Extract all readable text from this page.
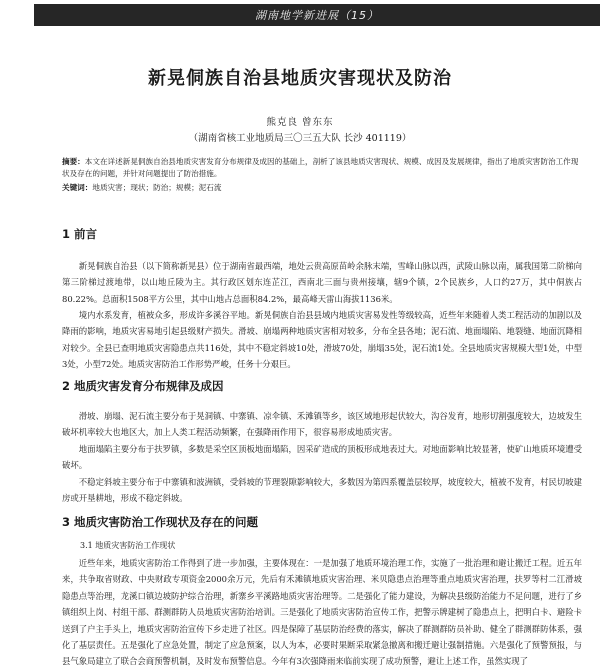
湖南地学新进展（15）
新晃侗族自治县地质灾害现状及防治
熊克良 曾东东
（湖南省核工业地质局三〇三五大队 长沙 401119）
摘要：本文在详述新晃侗族自治县地质灾害发育分布规律及成因的基础上，剖析了该县地质灾害现状、规模、成因及发展规律，指出了地质灾害防治工作现状及存在的问题，并针对问题提出了防治措施。
关键词：地质灾害；现状；防治；规模；泥石流
1 前言

新晃侗族自治县（以下简称新晃县）位于湖南省最西端，地处云贵高原苗岭余脉末端，雪峰山脉以西，武陵山脉以南，属我国第二阶梯向第三阶梯过渡地带，以山地丘陵为主。其行政区划东连芷江，西南北三面与贵州接壤，辖9个镇，2个民族乡，人口约27万，其中侗族占80.22%。总面积1508平方公里，其中山地占总面积84.2%，最高峰天雷山海拔1136米。

境内水系发育，植被众多，形成许多溪谷平地。新晃侗族自治县县域内地质灾害易发性等级较高，近些年来随着人类工程活动的加剧以及降雨的影响，地质灾害易地引起县级财产损失。滑坡、崩塌两种地质灾害相对较多，分布全县各地；泥石流、地面塌陷、地裂缝、地面沉降相对较少。全县已查明地质灾害隐患点共116处，其中不稳定斜坡10处，滑坡70处，崩塌35处，泥石流1处。全县地质灾害规模大型1处，中型3处，小型72处。地质灾害防治工作形势严峻，任务十分艰巨。

2 地质灾害发育分布规律及成因

滑坡、崩塌、泥石流主要分布于晃洞镇、中寨镇、凉伞镇、禾滩镇等乡，该区域地形起伏较大，沟谷发育，地形切割强度较大，边坡发生破坏机率较大也地区大，加上人类工程活动频繁，在强降雨作用下，很容易形成地质灾害。

地面塌陷主要分布于扶罗镇，多数是采空区顶板地面塌陷，因采矿造成的顶板形成地表过大。对地面影响比较显著，使矿山地质环境遭受破坏。

不稳定斜坡主要分布于中寨镇和波洲镇，受斜坡的节理裂隙影响较大，多数因为第四系覆盖层较厚，坡度较大，植被不发育，村民切坡建房或开垦耕地，形成不稳定斜坡。

3 地质灾害防治工作现状及存在的问题
3.1 地质灾害防治工作现状

近些年来，地质灾害防治工作得到了进一步加强，主要体现在：一是加强了地质环境治理工作，实施了一批治理和避让搬迁工程。近五年来，共争取省财政、中央财政专项资金2000余万元，先后有禾滩镇地质灾害治理、米贝隐患点治理等重点地质灾害治理，扶罗等村二江滑坡隐患点等治理，龙溪口镇边坡防护综合治理，新寨乡平溪路地质灾害治理等。二是强化了能力建设，为解决县级防治能力不足问题，进行了乡镇组织上岗、村组干部、群测群防人员地质灾害防治培训。三是强化了地质灾害防治宣传工作，把警示牌建树了隐患点上，把明白卡、避险卡送到了户主手头上，地质灾害防治宣传下乡走进了社区。四是保障了基层防治经费的落实，解决了群测群防员补助、健全了群测群防体系，强化了基层责任。五是强化了应急处置，制定了应急预案，以人为本，必要时果断采取紧急撤离和搬迁避让强制措施。六是强化了预警预报，与县气象局建立了联合会商预警机制，及时发布预警信息。今年有3次强降雨来临前实现了成功预警，避让上述工作，虽然实现了
